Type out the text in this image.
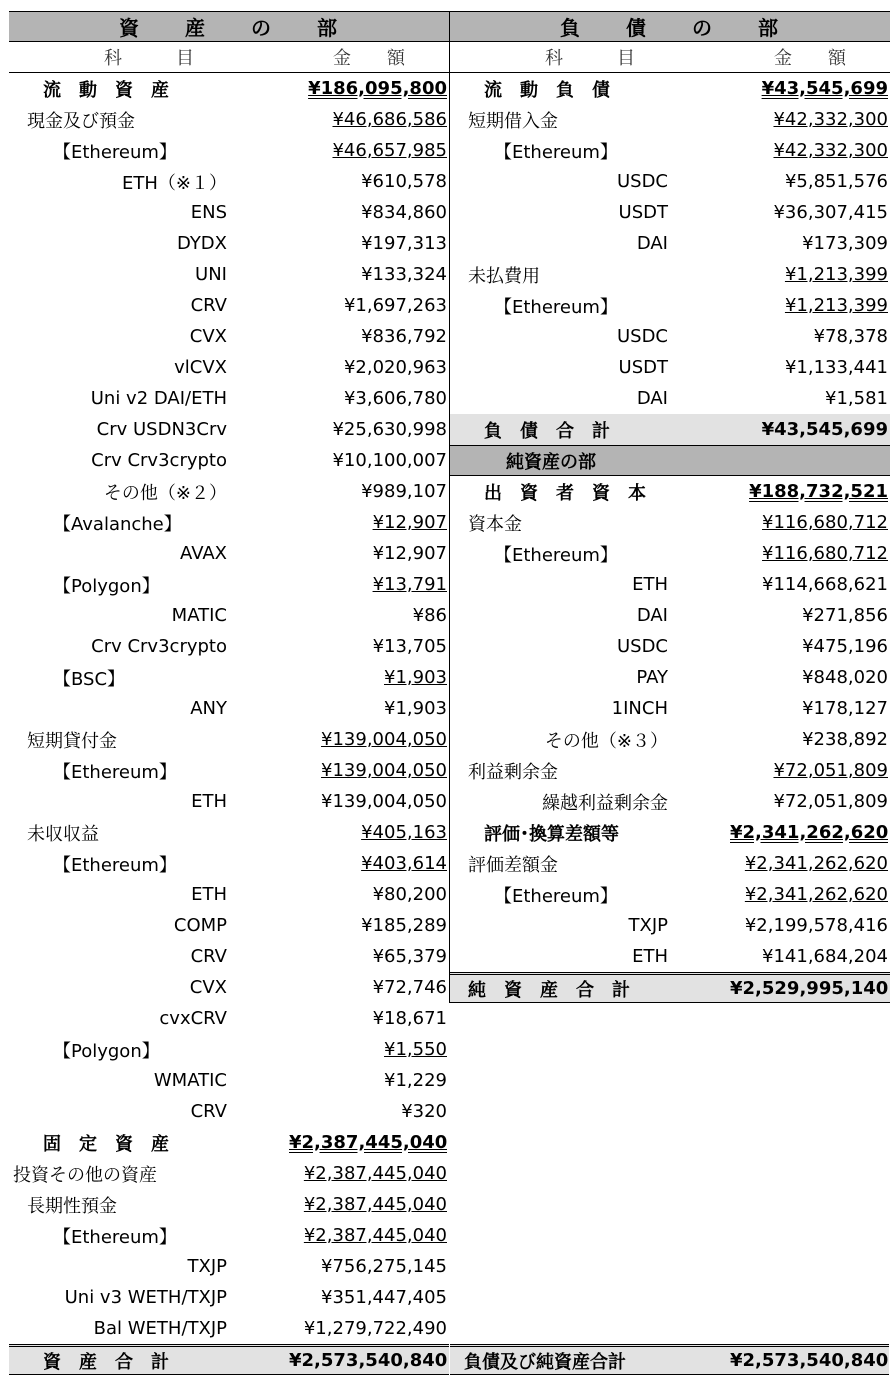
資　　産　　の　　部
科　　　目	金　　額
流　動　資　産	¥186,095,800
現金及び預金	¥46,686,586
【Ethereum】	¥46,657,985
ETH（※１）	¥610,578
ENS	¥834,860
DYDX	¥197,313
UNI	¥133,324
CRV	¥1,697,263
CVX	¥836,792
vlCVX	¥2,020,963
Uni v2 DAI/ETH	¥3,606,780
Crv USDN3Crv	¥25,630,998
Crv Crv3crypto	¥10,100,007
その他（※２）	¥989,107
【Avalanche】	¥12,907
AVAX	¥12,907
【Polygon】	¥13,791
MATIC	¥86
Crv Crv3crypto	¥13,705
【BSC】	¥1,903
ANY	¥1,903
短期貸付金	¥139,004,050
【Ethereum】	¥139,004,050
ETH	¥139,004,050
未収収益	¥405,163
【Ethereum】	¥403,614
ETH	¥80,200
COMP	¥185,289
CRV	¥65,379
CVX	¥72,746
cvxCRV	¥18,671
【Polygon】	¥1,550
WMATIC	¥1,229
CRV	¥320
固　定　資　産	¥2,387,445,040
投資その他の資産	¥2,387,445,040
長期性預金	¥2,387,445,040
【Ethereum】	¥2,387,445,040
TXJP	¥756,275,145
Uni v3 WETH/TXJP	¥351,447,405
Bal WETH/TXJP	¥1,279,722,490
資　産　合　計	¥2,573,540,840
負　　債　　の　　部
科　　　目	金　　額
流　動　負　債	¥43,545,699
短期借入金	¥42,332,300
【Ethereum】	¥42,332,300
USDC	¥5,851,576
USDT	¥36,307,415
DAI	¥173,309
未払費用	¥1,213,399
【Ethereum】	¥1,213,399
USDC	¥78,378
USDT	¥1,133,441
DAI	¥1,581
負　債　合　計	¥43,545,699
純資産の部
出　資　者　資　本	¥188,732,521
資本金	¥116,680,712
【Ethereum】	¥116,680,712
ETH	¥114,668,621
DAI	¥271,856
USDC	¥475,196
PAY	¥848,020
1INCH	¥178,127
その他（※３）	¥238,892
利益剰余金	¥72,051,809
繰越利益剰余金	¥72,051,809
評価･換算差額等	¥2,341,262,620
評価差額金	¥2,341,262,620
【Ethereum】	¥2,341,262,620
TXJP	¥2,199,578,416
ETH	¥141,684,204
純　資　産　合　計	¥2,529,995,140
負債及び純資産合計	¥2,573,540,840
